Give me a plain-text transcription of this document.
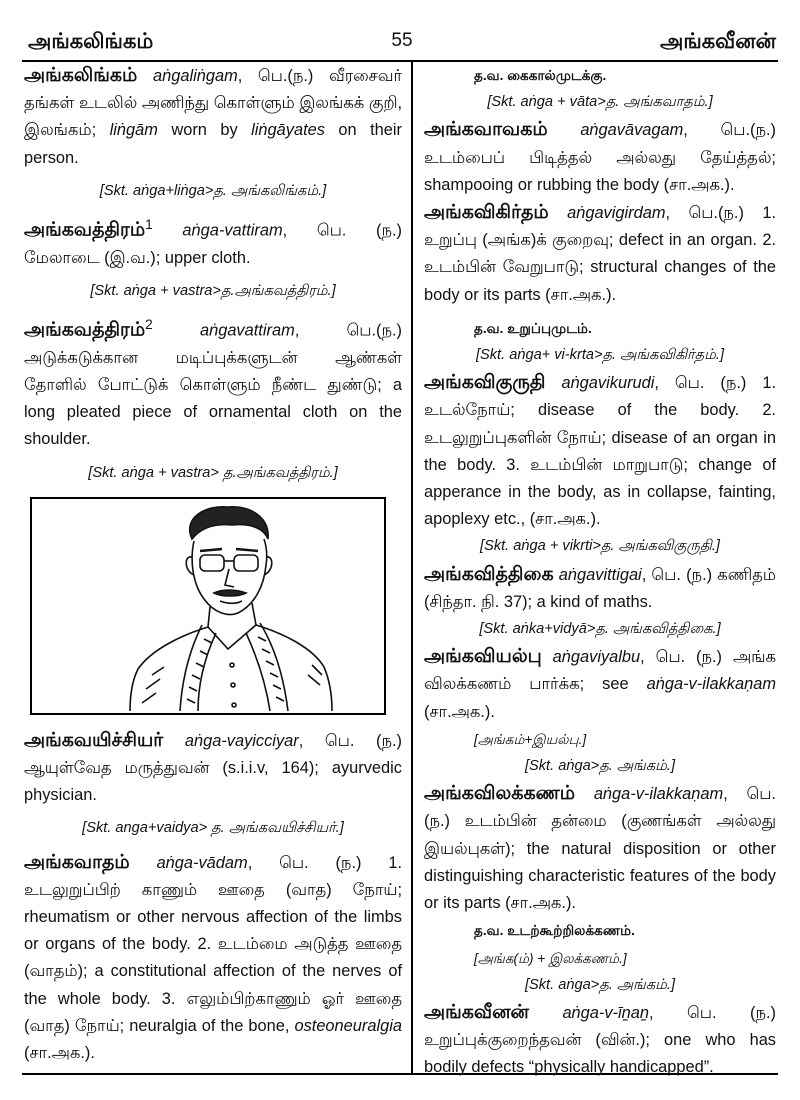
அங்கலிங்கம்	55	அங்கவீனன்
அங்கலிங்கம் aṅgaliṅgam, பெ.(ந.) வீரசைவர் தங்கள் உடலில் அணிந்து கொள்ளும் இலங்கக் குறி, இலங்கம்; liṅgām worn by liṅgāyates on their person.
[Skt. aṅga+liṅga>த. அங்கலிங்கம்.]
அங்கவத்திரம்$^1$ aṅga-vattiram, பெ. (ந.) மேலாடை (இ.வ.); upper cloth.
[Skt. aṅga + vastra>த.அங்கவத்திரம்.]
அங்கவத்திரம்$^2$	aṅgavattiram, பெ.(ந.) அடுக்கடுக்கான மடிப்புக்களுடன் ஆண்கள் தோளில் போட்டுக் கொள்ளும் நீண்ட துண்டு; a long pleated piece of ornamental cloth on the shoulder.
[Skt. aṅga + vastra> த.அங்கவத்திரம்.]
அங்கவயிச்சியர் aṅga-vayicciyar, பெ. (ந.) ஆயுள்வேத மருத்துவன் (s.i.i.v, 164); ayurvedic physician.
[Skt. anga+vaidya> த. அங்கவயிச்சியர்.]
அங்கவாதம் aṅga-vādam, பெ. (ந.) 1. உடலுறுப்பிற் காணும் ஊதை (வாத) நோய்; rheumatism or other nervous affection of the limbs or organs of the body. 2. உடம்மை அடுத்த ஊதை (வாதம்); a constitutional affection of the nerves of the whole body. 3. எலும்பிற்காணும் ஓர் ஊதை (வாத) நோய்; neuralgia of the bone, osteoneuralgia (சா.அக.).
த.வ. கைகால்முடக்கு.
[Skt. aṅga + vāta>த. அங்கவாதம்.]
அங்கவாவகம் aṅgavāvagam, பெ.(ந.) உடம்பைப் பிடித்தல் அல்லது தேய்த்தல்; shampooing or rubbing the body (சா.அக.).
அங்கவிகிர்தம் aṅgavigirdam, பெ.(ந.) 1. உறுப்பு (அங்க)க் குறைவு; defect in an organ. 2. உடம்பின் வேறுபாடு; structural changes of the body or its parts (சா.அக.).
த.வ. உறுப்புமுடம்.
[Skt. aṅga+ vi-krta>த. அங்கவிகிர்தம்.]
அங்கவிகுருதி aṅgavikurudi, பெ. (ந.) 1. உடல்நோய்; disease of the body. 2. உடலுறுப்புகளின் நோய்; disease of an organ in the body. 3. உடம்பின் மாறுபாடு; change of apperance in the body, as in collapse, fainting, apoplexy etc., (சா.அக.).
[Skt. aṅga + vikrti>த. அங்கவிகுருதி.]
அங்கவித்திகை aṅgavittigai, பெ. (ந.) கணிதம் (சிந்தா. நி. 37); a kind of maths.
[Skt. aṅka+vidyā>த. அங்கவித்திகை.]
அங்கவியல்பு aṅgaviyalbu, பெ. (ந.) அங்க விலக்கணம் பார்க்க; see aṅga-v-ilakkaṇam (சா.அக.).
[அங்கம்+இயல்பு.]
[Skt. aṅga>த. அங்கம்.]
அங்கவிலக்கணம் aṅga-v-ilakkaṇam, பெ. (ந.) உடம்பின் தன்மை (குணங்கள் அல்லது இயல்புகள்); the natural disposition or other distinguishing characteristic features of the body or its parts (சா.அக.).
த.வ. உடற்கூற்றிலக்கணம்.
[அங்க(ம்) + இலக்கணம்.]
[Skt. aṅga>த. அங்கம்.]
அங்கவீனன் aṅga-v-īṉaṉ, பெ. (ந.) உறுப்புக்குறைந்தவன் (வின்.); one who has bodily defects “physically handicapped”.
